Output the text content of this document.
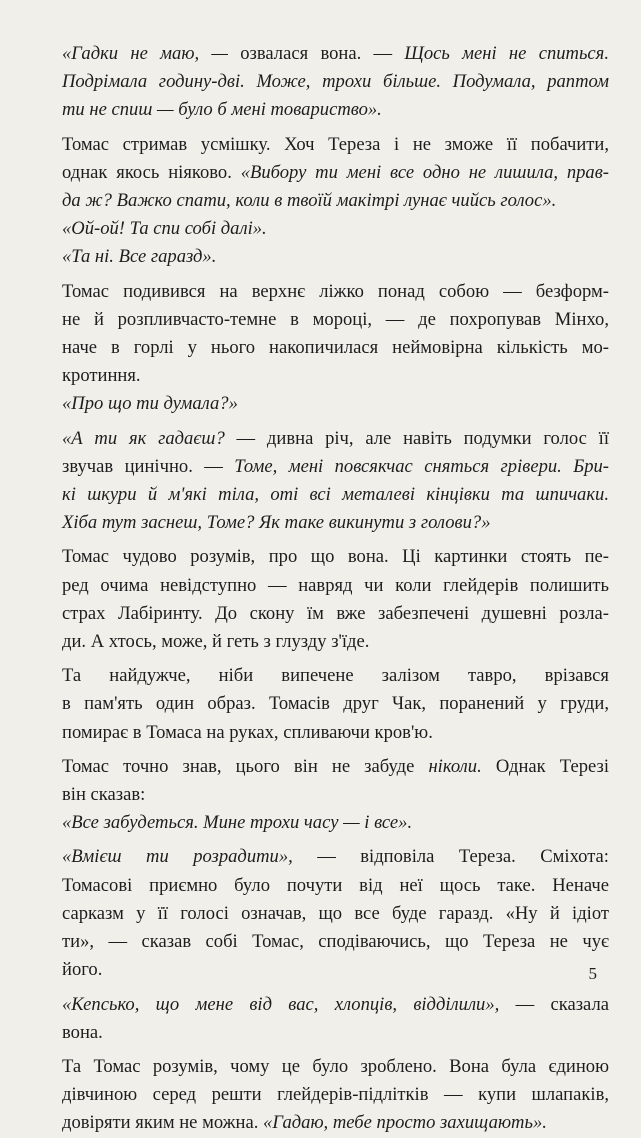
«Гадки не маю, — озвалася вона. — Щось мені не спиться.
Подрімала годину-дві. Може, трохи більше. Подумала, раптом
ти не спиш — було б мені товариство».
Томас стримав усмішку. Хоч Тереза і не зможе її побачити,
однак якось ніяково. «Вибору ти мені все одно не лишила, прав-
да ж? Важко спати, коли в твоїй макітрі лунає чийсь голос».
«Ой-ой! Та спи собі далі».
«Та ні. Все гаразд».
Томас подивився на верхнє ліжко понад собою — безформ-
не й розпливчасто-темне в мороці, — де похропував Мінхо,
наче в горлі у нього накопичилася неймовірна кількість мо-
кротиння.
«Про що ти думала?»
«А ти як гадаєш? — дивна річ, але навіть подумки голос її
звучав цинічно. — Томе, мені повсякчас сняться грівери. Бри-
кі шкури й м'які тіла, оті всі металеві кінцівки та шпичаки.
Хіба тут заснеш, Томе? Як таке викинути з голови?»
Томас чудово розумів, про що вона. Ці картинки стоять пе-
ред очима невідступно — навряд чи коли глейдерів полишить
страх Лабіринту. До скону їм вже забезпечені душевні розла-
ди. А хтось, може, й геть з глузду з'їде.
Та найдужче, ніби випечене залізом тавро, врізався
в пам'ять один образ. Томасів друг Чак, поранений у груди,
помирає в Томаса на руках, спливаючи кров'ю.
Томас точно знав, цього він не забуде ніколи. Однак Терезі
він сказав:
«Все забудеться. Мине трохи часу — і все».
«Вмієш ти розрадити», — відповіла Тереза. Сміхота:
Томасові приємно було почути від неї щось таке. Неначе
сарказм у її голосі означав, що все буде гаразд. «Ну й ідіот
ти», — сказав собі Томас, сподіваючись, що Тереза не чує
його.
«Кепсько, що мене від вас, хлопців, відділили», — сказала
вона.
Та Томас розумів, чому це було зроблено. Вона була єдиною
дівчиною серед решти глейдерів-підлітків — купи шлапаків,
довіряти яким не можна. «Гадаю, тебе просто захищають».
5
